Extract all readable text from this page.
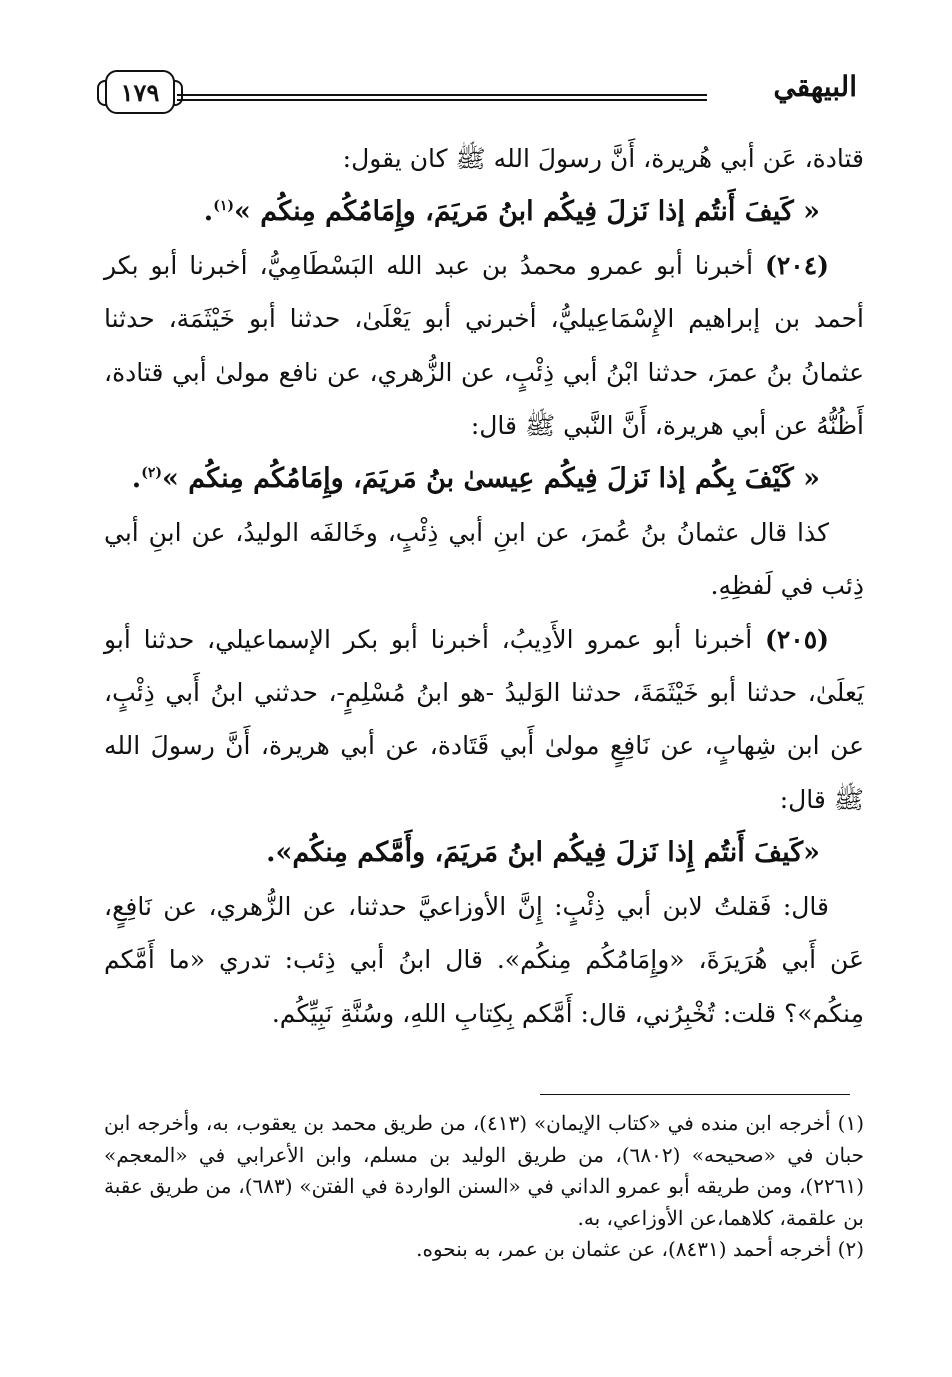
البيهقي
١٧٩

قتادة، عَن أبي هُريرة، أَنَّ رسولَ الله ﷺ كان يقول:

« كَيفَ أَنتُم إذا نَزلَ فِيكُم ابنُ مَريَمَ، وإِمَامُكُم مِنكُم »$^{(١)}$.

(٢٠٤) أخبرنا أبو عمرو محمدُ بن عبد الله البَسْطَامِيُّ، أخبرنا أبو بكر أحمد بن إبراهيم الإِسْمَاعِيليُّ، أخبرني أبو يَعْلَىٰ، حدثنا أبو خَيْثَمَة، حدثنا عثمانُ بنُ عمرَ، حدثنا ابْنُ أبي ذِئْبٍ، عن الزُّهري، عن نافع مولىٰ أبي قتادة، أَظُنُّهُ عن أبي هريرة، أَنَّ النَّبي ﷺ قال:

« كَيْفَ بِكُم إذا نَزلَ فِيكُم عِيسىٰ بنُ مَريَمَ، وإِمَامُكُم مِنكُم »$^{(٢)}$.

كذا قال عثمانُ بنُ عُمرَ، عن ابنِ أبي ذِئْبٍ، وخَالفَه الوليدُ، عن ابنِ أبي ذِئب في لَفظِهِ.

(٢٠٥) أخبرنا أبو عمرو الأَدِيبُ، أخبرنا أبو بكر الإسماعيلي، حدثنا أبو يَعلَىٰ، حدثنا أبو خَيْثَمَةَ، حدثنا الوَليدُ -هو ابنُ مُسْلِمٍ-، حدثني ابنُ أَبي ذِئْبٍ، عن ابن شِهابٍ، عن نَافِعٍ مولىٰ أَبي قَتَادة، عن أبي هريرة، أَنَّ رسولَ الله ﷺ قال:

«كَيفَ أَنتُم إِذا نَزلَ فِيكُم ابنُ مَريَمَ، وأَمَّكم مِنكُم».

قال: فَقلتُ لابن أبي ذِئْبٍ: إِنَّ الأوزاعيَّ حدثنا، عن الزُّهري، عن نَافِعٍ، عَن أَبي هُرَيرَةَ، «وإِمَامُكُم مِنكُم». قال ابنُ أبي ذِئب: تدري «ما أَمَّكم مِنكُم»؟ قلت: تُخْبِرُني، قال: أَمَّكم بِكِتابِ اللهِ، وسُنَّةِ نَبِيِّكُم.

(١) أخرجه ابن منده في «كتاب الإيمان» (٤١٣)، من طريق محمد بن يعقوب، به، وأخرجه ابن حبان في «صحيحه» (٦٨٠٢)، من طريق الوليد بن مسلم، وابن الأعرابي في «المعجم» (٢٢٦١)، ومن طريقه أبو عمرو الداني في «السنن الواردة في الفتن» (٦٨٣)، من طريق عقبة بن علقمة، كلاهما،عن الأوزاعي، به.

(٢) أخرجه أحمد (٨٤٣١)، عن عثمان بن عمر، به بنحوه.
